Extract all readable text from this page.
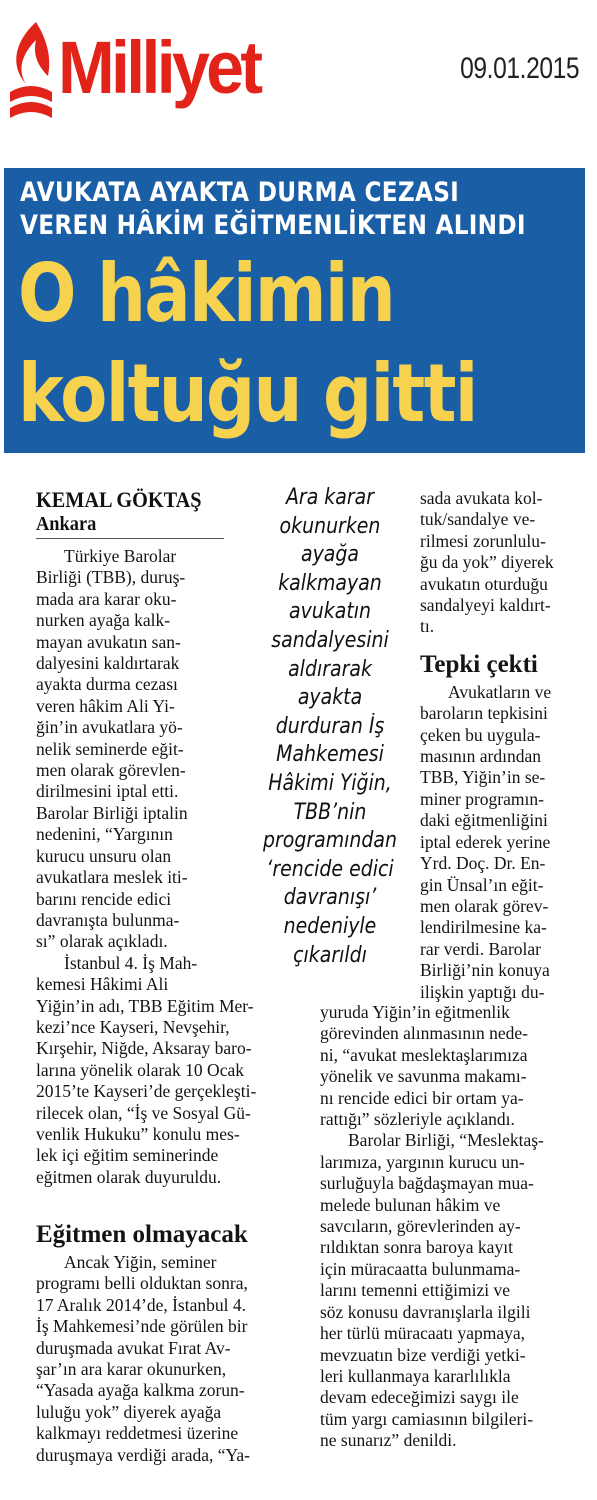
Milliyet	09.01.2015
AVUKATA AYAKTA DURMA CEZASI
VEREN HÂKİM EĞİTMENLİKTEN ALINDI
O hâkimin
koltuğu gitti
KEMAL GÖKTAŞ
Ankara
Ara karar
okunurken
ayağa
kalkmayan
avukatın
sandalyesini
aldırarak
ayakta
durduran İş
Mahkemesi
Hâkimi Yiğin,
TBB’nin
programından
‘rencide edici
davranışı’
nedeniyle
çıkarıldı
Türkiye Barolar
Birliği (TBB), duruş-
mada ara karar oku-
nurken ayağa kalk-
mayan avukatın san-
dalyesini kaldırtarak
ayakta durma cezası
veren hâkim Ali Yi-
ğin’in avukatlara yö-
nelik seminerde eğit-
men olarak görevlen-
dirilmesini iptal etti.
Barolar Birliği iptalin
nedenini, “Yargının
kurucu unsuru olan
avukatlara meslek iti-
barını rencide edici
davranışta bulunma-
sı” olarak açıkladı.
İstanbul 4. İş Mah-
kemesi Hâkimi Ali
Yiğin’in adı, TBB Eğitim Mer-
kezi’nce Kayseri, Nevşehir,
Kırşehir, Niğde, Aksaray baro-
larına yönelik olarak 10 Ocak
2015’te Kayseri’de gerçekleşti-
rilecek olan, “İş ve Sosyal Gü-
venlik Hukuku” konulu mes-
lek içi eğitim seminerinde
eğitmen olarak duyuruldu.
Eğitmen olmayacak
Ancak Yiğin, seminer
programı belli olduktan sonra,
17 Aralık 2014’de, İstanbul 4.
İş Mahkemesi’nde görülen bir
duruşmada avukat Fırat Av-
şar’ın ara karar okunurken,
“Yasada ayağa kalkma zorun-
luluğu yok” diyerek ayağa
kalkmayı reddetmesi üzerine
duruşmaya verdiği arada, “Ya-
sada avukata kol-
tuk/sandalye ve-
rilmesi zorunlulu-
ğu da yok” diyerek
avukatın oturduğu
sandalyeyi kaldırt-
tı.
Tepki çekti
Avukatların ve
baroların tepkisini
çeken bu uygula-
masının ardından
TBB, Yiğin’in se-
miner programın-
daki eğitmenliğini
iptal ederek yerine
Yrd. Doç. Dr. En-
gin Ünsal’ın eğit-
men olarak görev-
lendirilmesine ka-
rar verdi. Barolar
Birliği’nin konuya
ilişkin yaptığı du-
yuruda Yiğin’in eğitmenlik
görevinden alınmasının nede-
ni, “avukat meslektaşlarımıza
yönelik ve savunma makamı-
nı rencide edici bir ortam ya-
rattığı” sözleriyle açıklandı.
Barolar Birliği, “Meslektaş-
larımıza, yargının kurucu un-
surluğuyla bağdaşmayan mua-
melede bulunan hâkim ve
savcıların, görevlerinden ay-
rıldıktan sonra baroya kayıt
için müracaatta bulunmama-
larını temenni ettiğimizi ve
söz konusu davranışlarla ilgili
her türlü müracaatı yapmaya,
mevzuatın bize verdiği yetki-
leri kullanmaya kararlılıkla
devam edeceğimizi saygı ile
tüm yargı camiasının bilgileri-
ne sunarız” denildi.
